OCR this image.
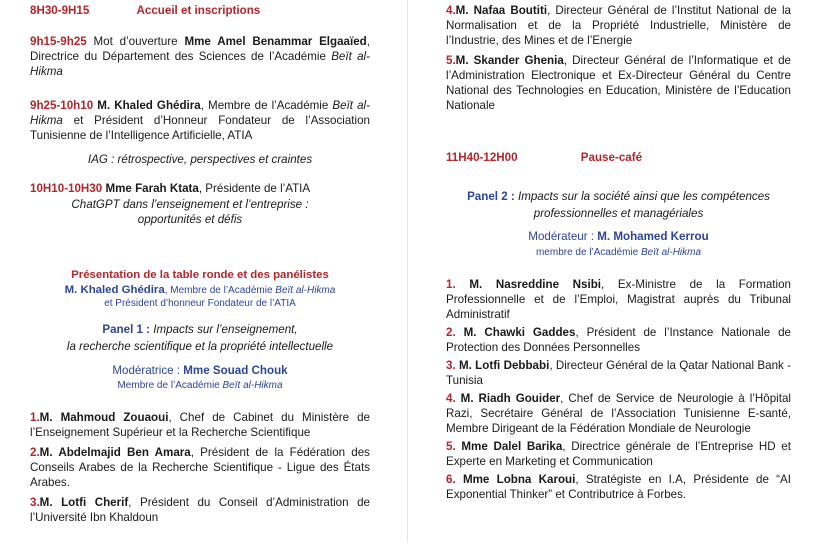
8H30-9H15	Accueil et inscriptions

9h15-9h25 Mot d’ouverture Mme Amel Benammar Elgaaïed, Directrice du Département des Sciences de l’Académie Beït al-Hikma

9h25-10h10 M. Khaled Ghédira, Membre de l’Académie Beït al-Hikma et Président d’Honneur Fondateur de l’Association Tunisienne de l’Intelligence Artificielle, ATIA

IAG : rétrospective, perspectives et craintes

10H10-10H30 Mme Farah Ktata, Présidente de l’ATIA

ChatGPT dans l’enseignement et l’entreprise : opportunités et défis

Présentation de la table ronde et des panélistes

M. Khaled Ghédira, Membre de l’Académie Beït al-Hikma

et Président d’honneur Fondateur de l’ATIA

Panel 1 : Impacts sur l’enseignement,

la recherche scientifique et la propriété intellectuelle

Modératrice : Mme Souad Chouk

Membre de l’Académie Beït al-Hikma

1.M. Mahmoud Zouaoui, Chef de Cabinet du Ministère de l’Enseignement Supérieur et la Recherche Scientifique

2.M. Abdelmajid Ben Amara, Président de la Fédération des Conseils Arabes de la Recherche Scientifique - Ligue des États Arabes.

3.M. Lotfi Cherif, Président du Conseil d’Administration de l’Université Ibn Khaldoun

4.M. Nafaa Boutiti, Directeur Général de l’Institut National de la Normalisation et de la Propriété Industrielle, Ministère de l’Industrie, des Mines et de l’Energie

5.M. Skander Ghenia, Directeur Général de l’Informatique et de l’Administration Electronique et Ex-Directeur Général du Centre National des Technologies en Education, Ministère de l’Education Nationale

11H40-12H00	Pause-café

Panel 2 : Impacts sur la société ainsi que les compétences

professionnelles et managériales

Modérateur : M. Mohamed Kerrou

membre de l’Académie Beït al-Hikma

1. M. Nasreddine Nsibi, Ex-Ministre de la Formation Professionnelle et de l’Emploi, Magistrat auprès du Tribunal Administratif

2. M. Chawki Gaddes, Président de l’Instance Nationale de Protection des Données Personnelles

3. M. Lotfi Debbabi, Directeur Général de la Qatar National Bank - Tunisia

4. M. Riadh Gouider, Chef de Service de Neurologie à l’Hôpital Razi, Secrétaire Général de l’Association Tunisienne E-santé, Membre Dirigeant de la Fédération Mondiale de Neurologie

5. Mme Dalel Barika, Directrice générale de l’Entreprise HD et Experte en Marketing et Communication

6. Mme Lobna Karoui, Stratégiste en I.A, Présidente de “AI Exponential Thinker” et Contributrice à Forbes.
